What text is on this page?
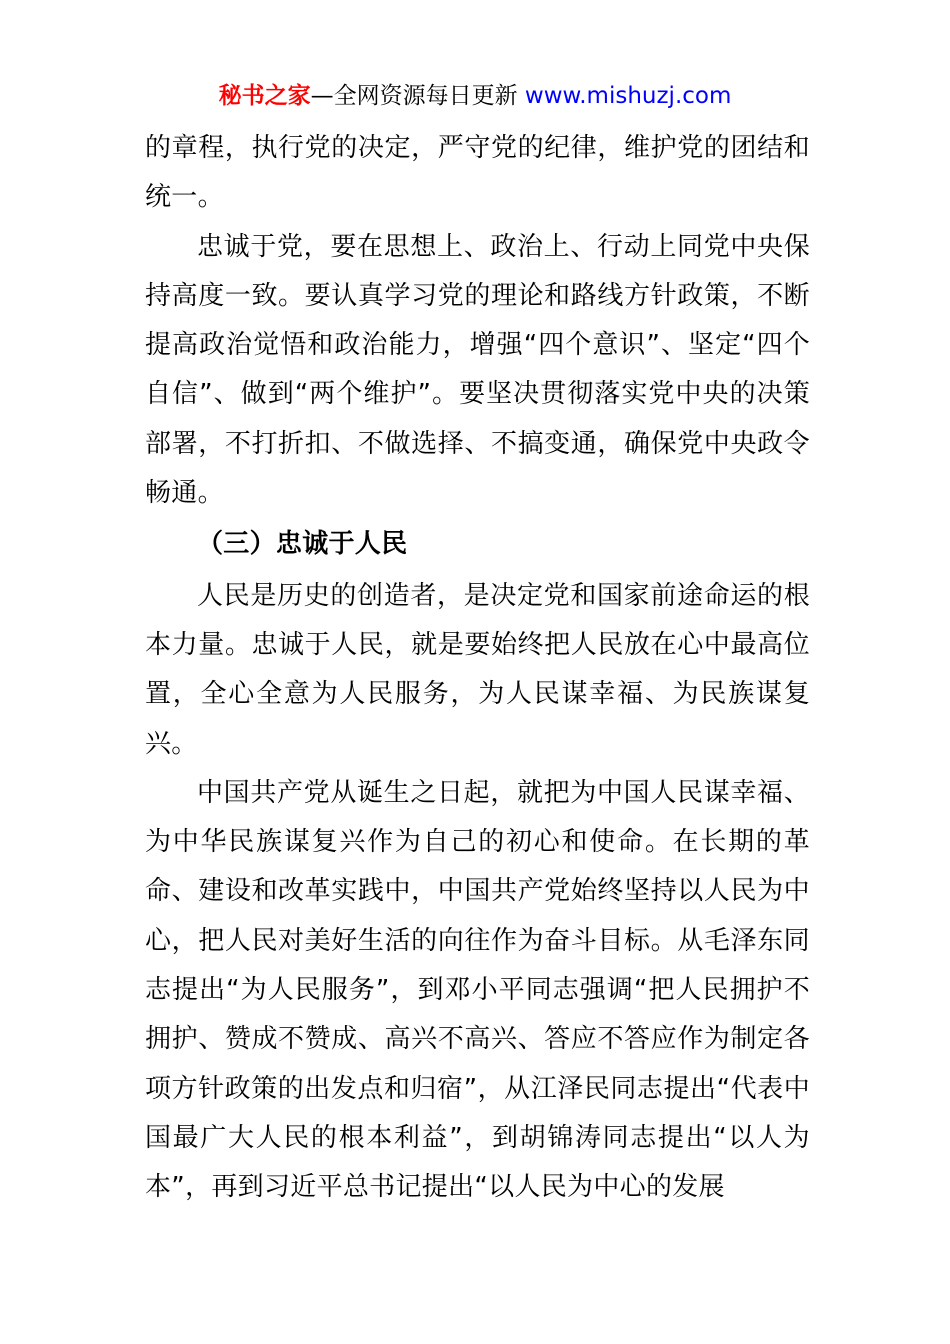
秘书之家—全网资源每日更新 www.mishuzj.com

的章程，执行党的决定，严守党的纪律，维护党的团结和统一。

忠诚于党，要在思想上、政治上、行动上同党中央保持高度一致。要认真学习党的理论和路线方针政策，不断提高政治觉悟和政治能力，增强“四个意识”、坚定“四个自信”、做到“两个维护”。要坚决贯彻落实党中央的决策部署，不打折扣、不做选择、不搞变通，确保党中央政令畅通。

（三）忠诚于人民

人民是历史的创造者，是决定党和国家前途命运的根本力量。忠诚于人民，就是要始终把人民放在心中最高位置，全心全意为人民服务，为人民谋幸福、为民族谋复兴。

中国共产党从诞生之日起，就把为中国人民谋幸福、为中华民族谋复兴作为自己的初心和使命。在长期的革命、建设和改革实践中，中国共产党始终坚持以人民为中心，把人民对美好生活的向往作为奋斗目标。从毛泽东同志提出“为人民服务”，到邓小平同志强调“把人民拥护不拥护、赞成不赞成、高兴不高兴、答应不答应作为制定各项方针政策的出发点和归宿”，从江泽民同志提出“代表中国最广大人民的根本利益”，到胡锦涛同志提出“以人为本”，再到习近平总书记提出“以人民为中心的发展
